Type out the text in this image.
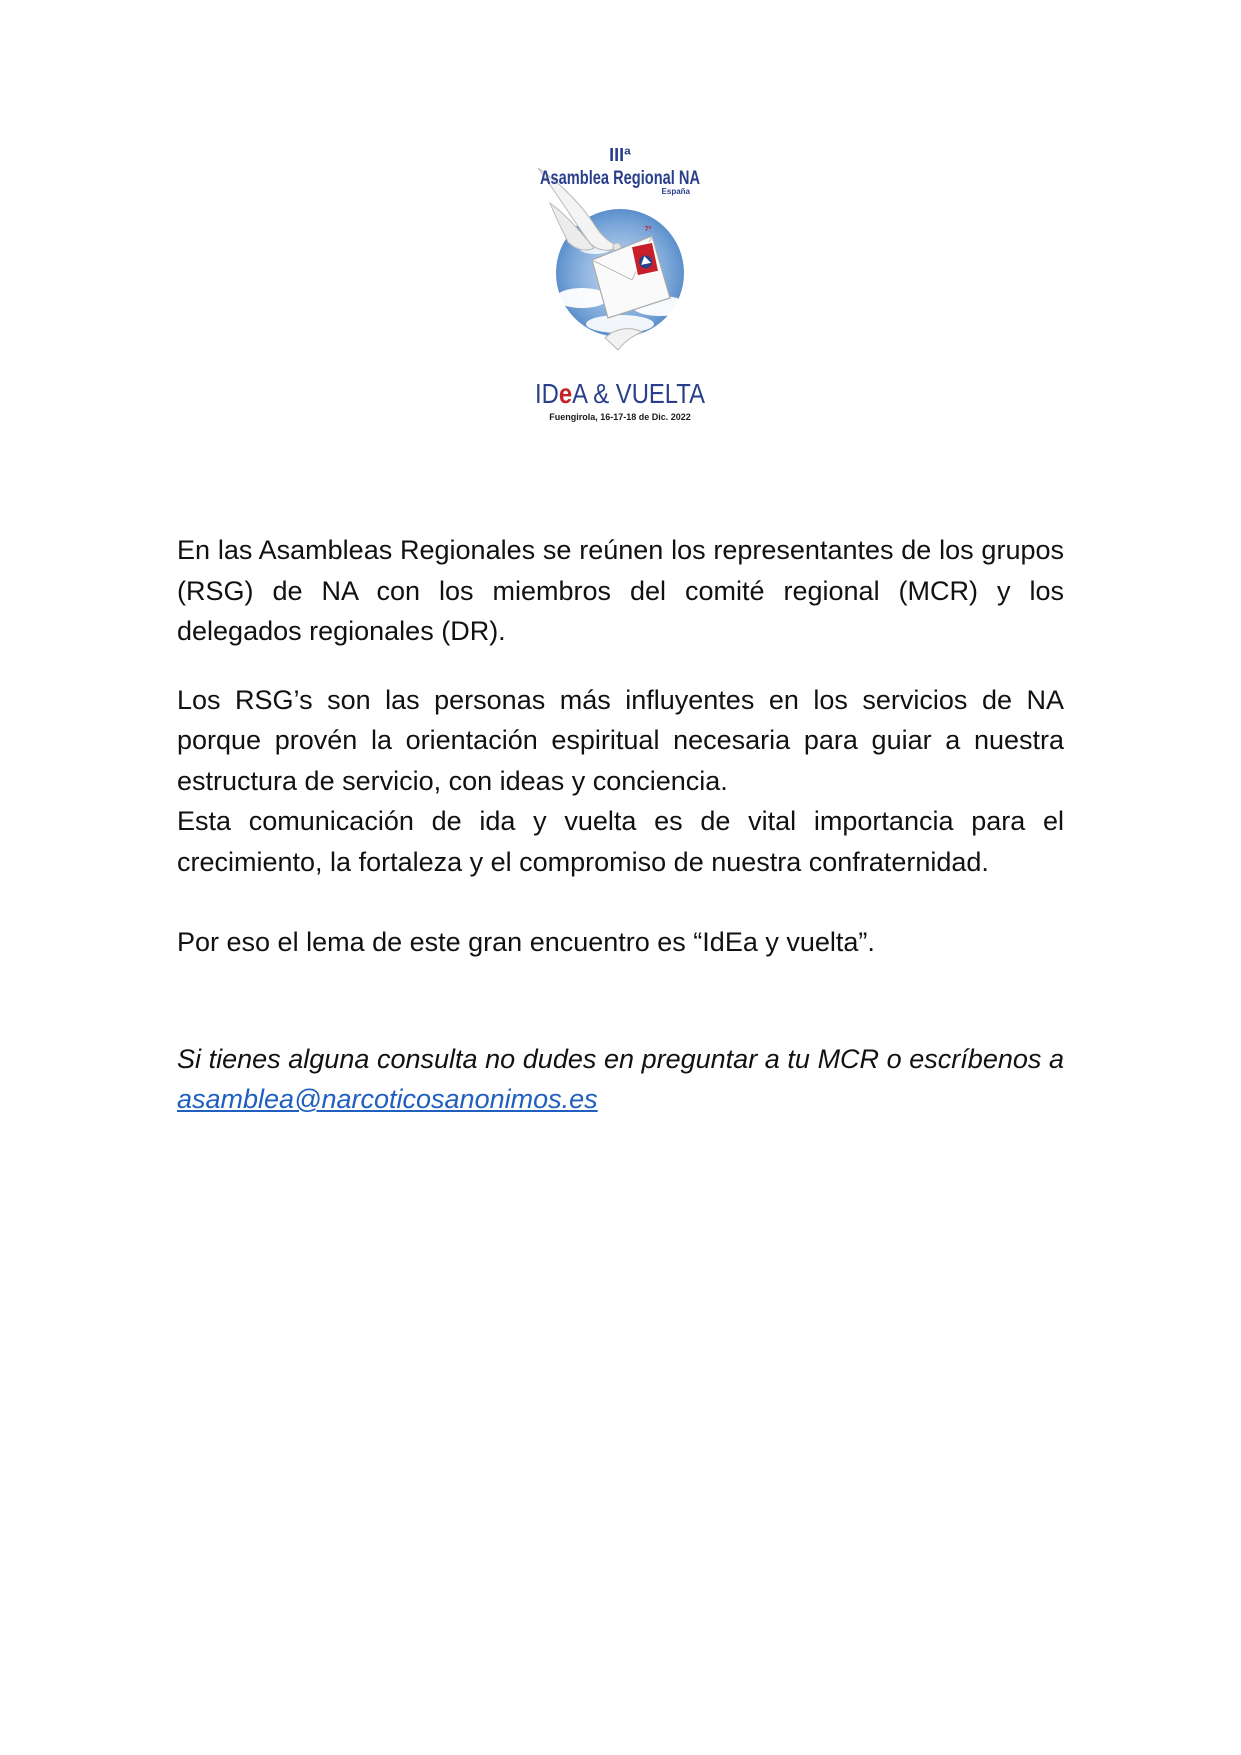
IIIª
Asamblea Regional NA
España
7ª
IDeA & VUELTA
Fuengirola, 16-17-18 de Dic. 2022

En las Asambleas Regionales se reúnen los representantes de los grupos (RSG) de NA con los miembros del comité regional (MCR) y los delegados regionales (DR).

Los RSG’s son las personas más influyentes en los servicios de NA porque provén la orientación espiritual necesaria para guiar a nuestra estructura de servicio, con ideas y conciencia.

Esta comunicación de ida y vuelta es de vital importancia para el crecimiento, la fortaleza y el compromiso de nuestra confraternidad.

Por eso el lema de este gran encuentro es “IdEa y vuelta”.

Si tienes alguna consulta no dudes en preguntar a tu MCR o escríbenos a asamblea@narcoticosanonimos.es
